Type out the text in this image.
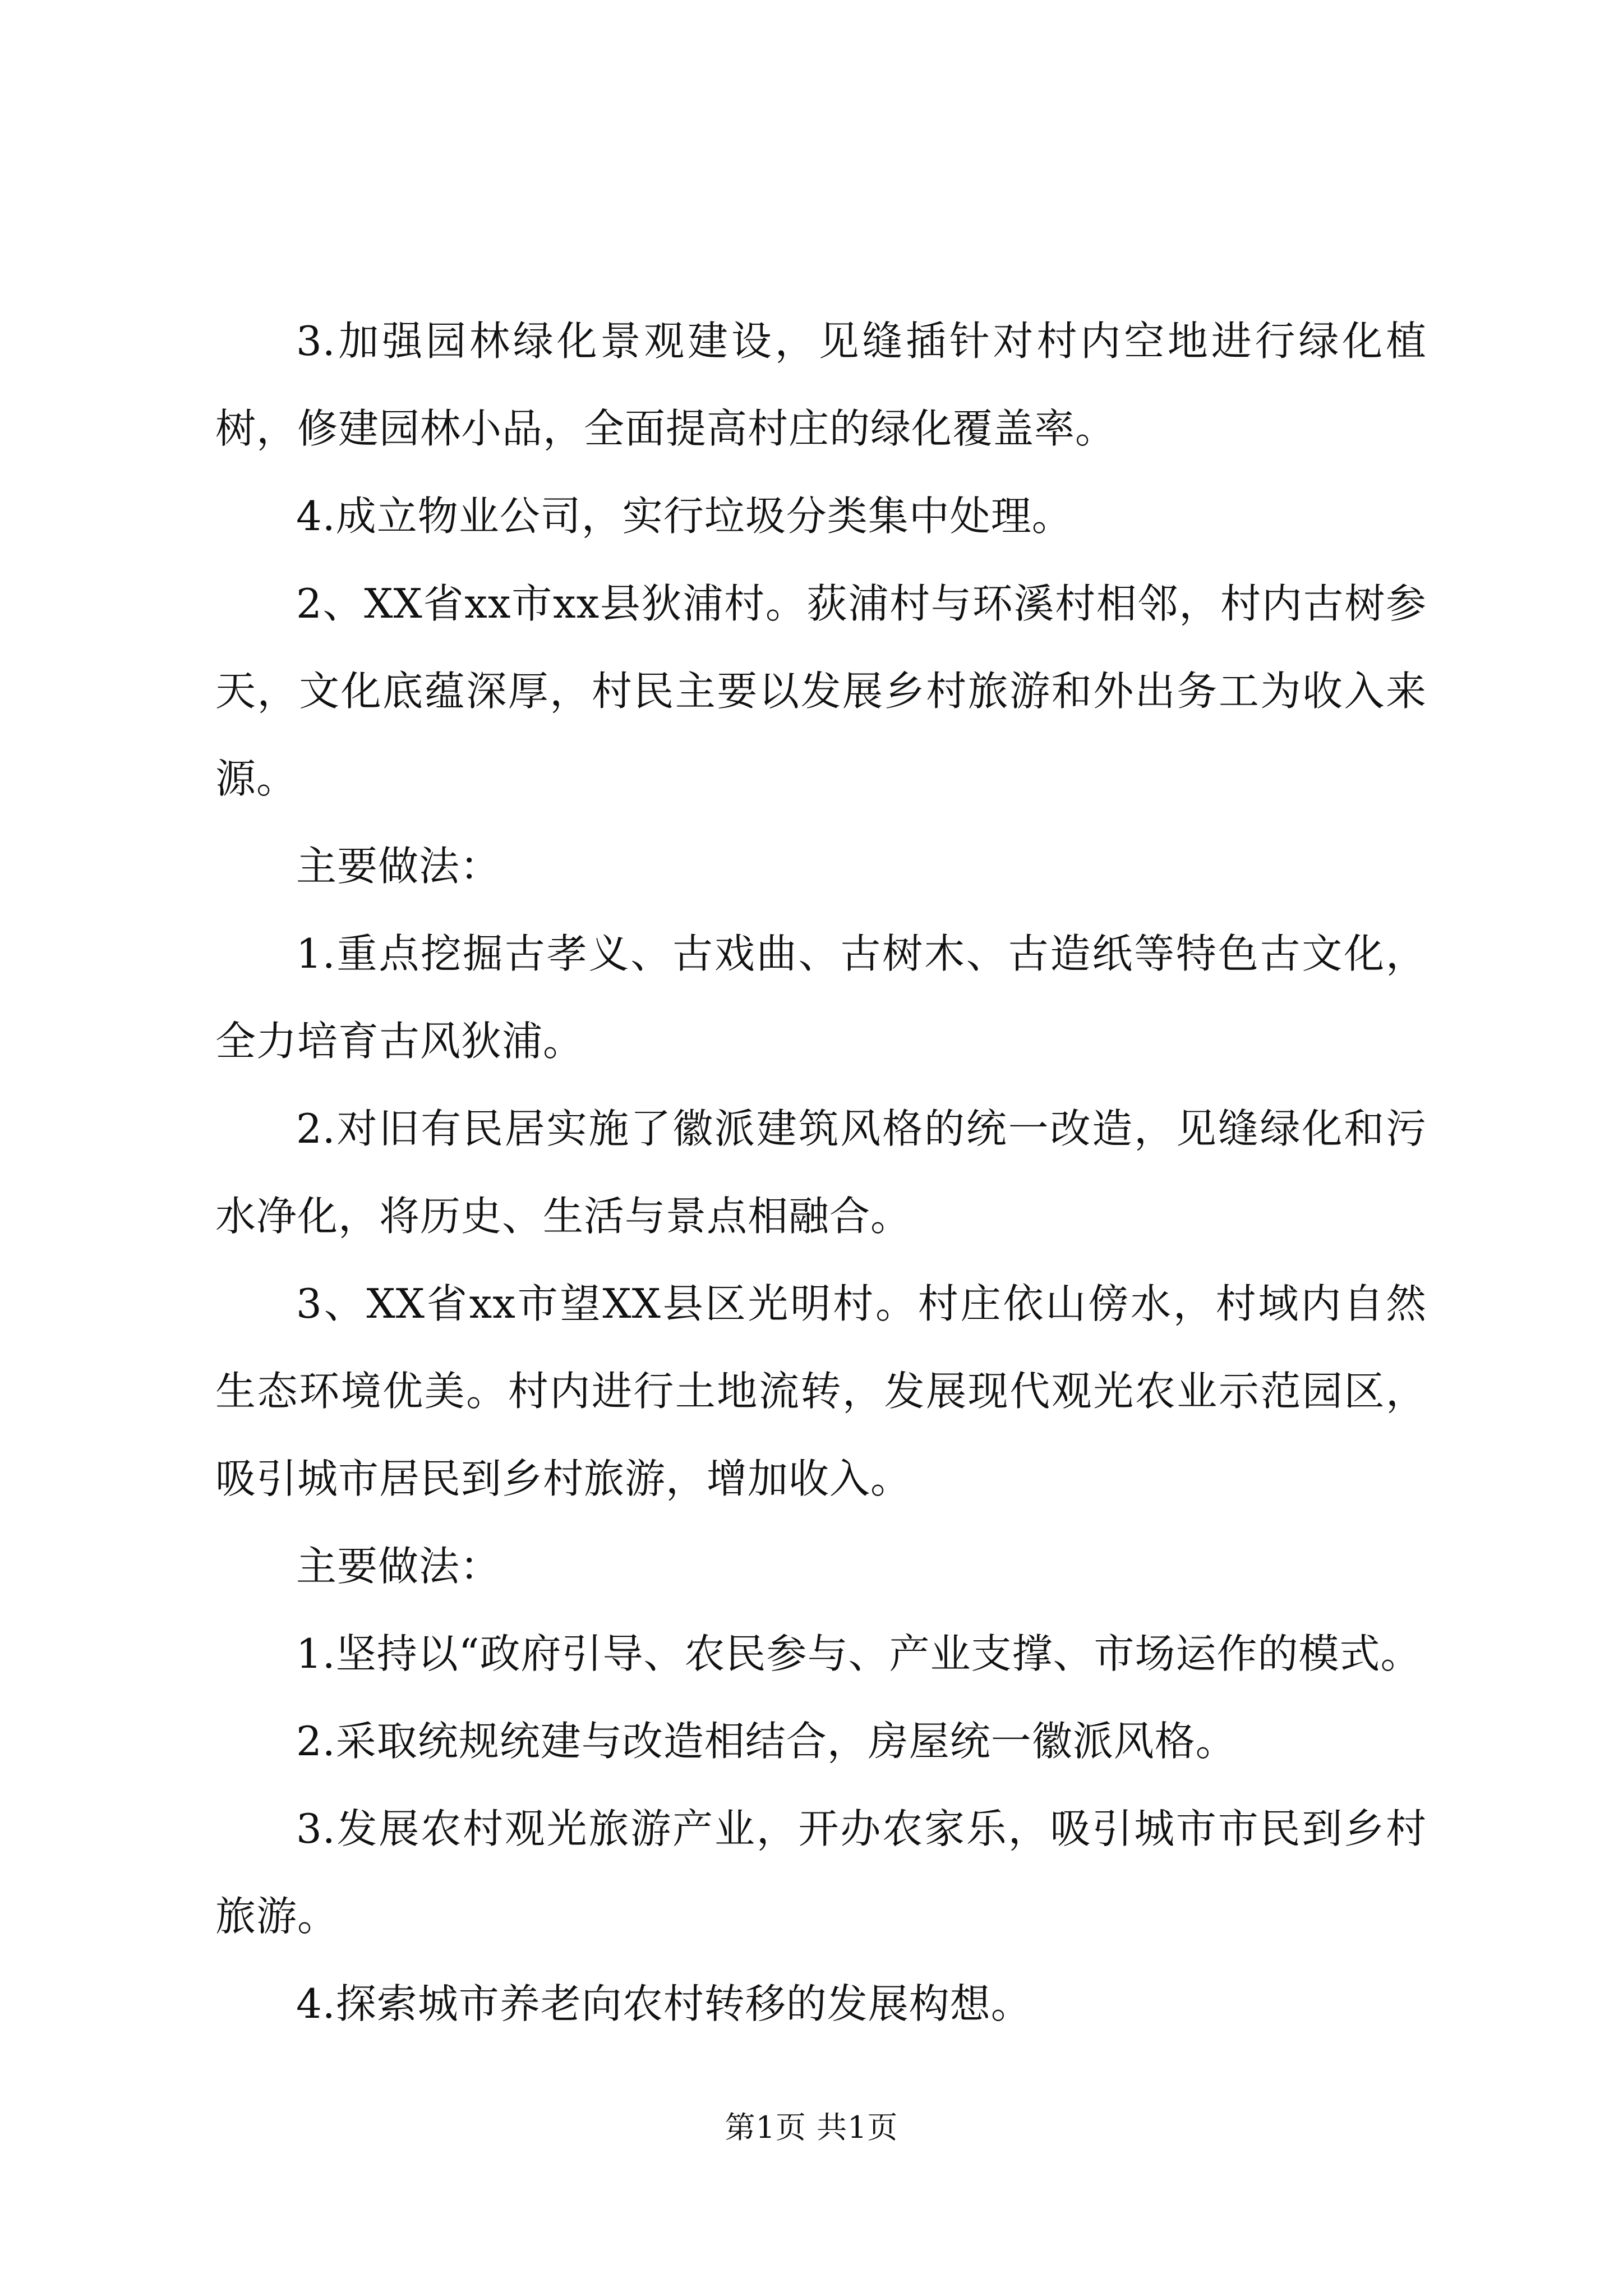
3.加强园林绿化景观建设，见缝插针对村内空地进行绿化植树，修建园林小品，全面提高村庄的绿化覆盖率。

4.成立物业公司，实行垃圾分类集中处理。

2、XX省xx市xx县狄浦村。荻浦村与环溪村相邻，村内古树参天，文化底蕴深厚，村民主要以发展乡村旅游和外出务工为收入来源。

主要做法：

1.重点挖掘古孝义、古戏曲、古树木、古造纸等特色古文化，全力培育古风狄浦。

2.对旧有民居实施了徽派建筑风格的统一改造，见缝绿化和污水净化，将历史、生活与景点相融合。

3、XX省xx市望XX县区光明村。村庄依山傍水，村域内自然生态环境优美。村内进行土地流转，发展现代观光农业示范园区，吸引城市居民到乡村旅游，增加收入。

主要做法：

1.坚持以“政府引导、农民参与、产业支撑、市场运作的模式。

2.采取统规统建与改造相结合，房屋统一徽派风格。

3.发展农村观光旅游产业，开办农家乐，吸引城市市民到乡村旅游。

4.探索城市养老向农村转移的发展构想。

第1页 共1页
